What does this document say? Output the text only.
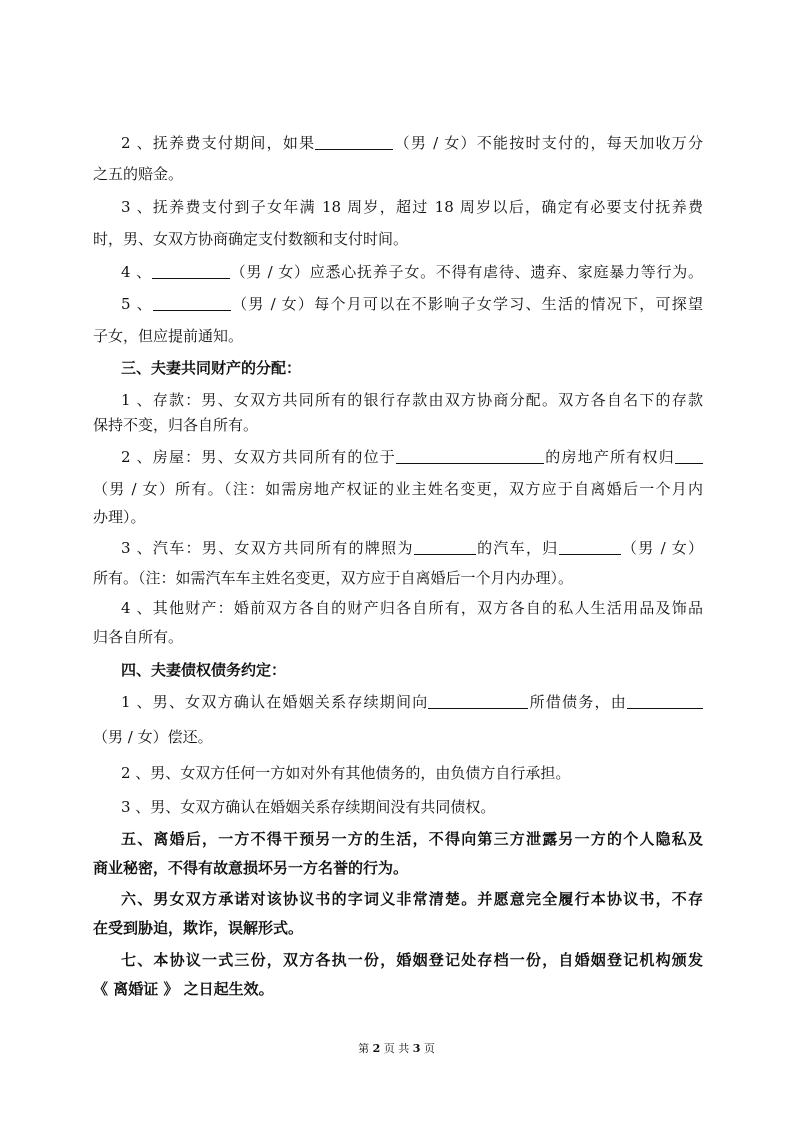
2 、抚养费支付期间，如果	（男 / 女）不能按时支付的，每天加收万分
之五的赔金。
3 、抚养费支付到子女年满 18 周岁，超过 18 周岁以后，确定有必要支付抚养费
时，男、女双方协商确定支付数额和支付时间。
4 、	（男 / 女）应悉心抚养子女。不得有虐待、遗弃、家庭暴力等行为。
5 、	（男 / 女）每个月可以在不影响子女学习、生活的情况下，可探望
子女，但应提前通知。
三、夫妻共同财产的分配：
1 、存款：男、女双方共同所有的银行存款由双方协商分配。双方各自名下的存款
保持不变，归各自所有。
2 、房屋：男、女双方共同所有的位于	的房地产所有权归
（男 / 女）所有。（注：如需房地产权证的业主姓名变更，双方应于自离婚后一个月内
办理）。
3 、汽车：男、女双方共同所有的牌照为	的汽车，归	（男 / 女）
所有。（注：如需汽车车主姓名变更，双方应于自离婚后一个月内办理）。
4 、其他财产：婚前双方各自的财产归各自所有，双方各自的私人生活用品及饰品
归各自所有。
四、夫妻债权债务约定：
1 、男、女双方确认在婚姻关系存续期间向	所借债务，由
（男 / 女）偿还。
2 、男、女双方任何一方如对外有其他债务的，由负债方自行承担。
3 、男、女双方确认在婚姻关系存续期间没有共同债权。
五、离婚后，一方不得干预另一方的生活，不得向第三方泄露另一方的个人隐私及
商业秘密，不得有故意损坏另一方名誉的行为。
六、男女双方承诺对该协议书的字词义非常清楚。并愿意完全履行本协议书，不存
在受到胁迫，欺诈，误解形式。
七、本协议一式三份，双方各执一份，婚姻登记处存档一份，自婚姻登记机构颁发
《 离婚证 》 之日起生效。
第 2 页 共 3 页
